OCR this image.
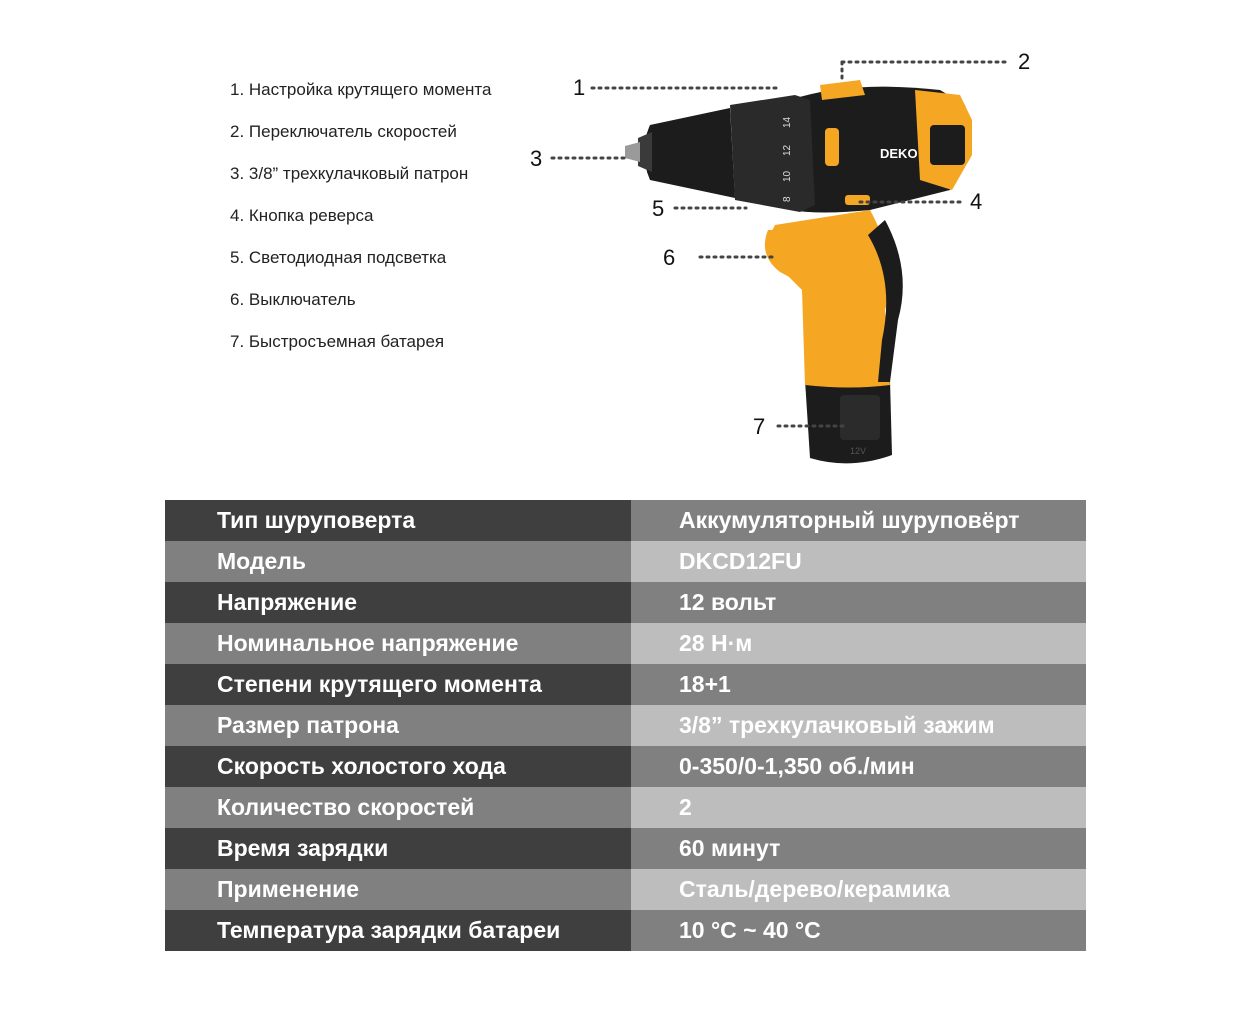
1. Настройка крутящего момента
2. Переключатель скоростей
3. 3/8” трехкулачковый патрон
4. Кнопка реверса
5. Светодиодная подсветка
6. Выключатель
7. Быстросъемная батарея
12V
DEKO
14
12
10
8
1
2
3
4
5
6
7
Тип шуруповерта	Аккумуляторный шуруповёрт
Модель	DKCD12FU
Напряжение	12 вольт
Номинальное напряжение	28 Н·м
Степени крутящего момента	18+1
Размер патрона	3/8” трехкулачковый зажим
Скорость холостого хода	0-350/0-1,350 об./мин
Количество скоростей	2
Время зарядки	60 минут
Применение	Сталь/дерево/керамика
Температура зарядки батареи	10 °C ~ 40 °C
